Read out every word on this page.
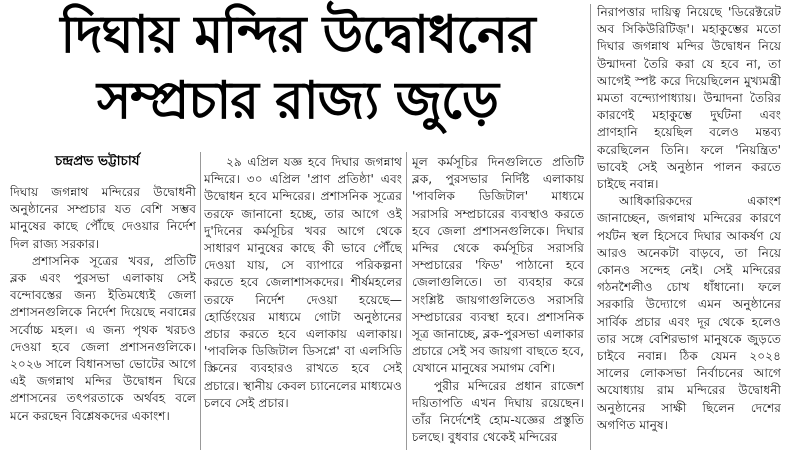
দিঘায় মন্দির উদ্বোধনের
সম্প্রচার রাজ্য জুড়ে
চন্দ্রপ্রভ ভট্টাচার্য

দিঘায় জগন্নাথ মন্দিরের উদ্বোধনী অনুষ্ঠানের সম্প্রচার যত বেশি সম্ভব মানুষের কাছে পৌঁছে দেওয়ার নির্দেশ দিল রাজ্য সরকার।

প্রশাসনিক সূত্রের খবর, প্রতিটি ব্লক এবং পুরসভা এলাকায় সেই বন্দোবস্তের জন্য ইতিমধ্যেই জেলা প্রশাসনগুলিকে নির্দেশ দিয়েছে নবান্নের সর্বোচ্চ মহল। এ জন্য পৃথক খরচও দেওয়া হবে জেলা প্রশাসনগুলিকে। ২০২৬ সালে বিধানসভা ভোটের আগে এই জগন্নাথ মন্দির উদ্বোধন ঘিরে প্রশাসনের তৎপরতাকে অর্থবহ বলে মনে করছেন বিশ্লেষকদের একাংশ।

২৯ এপ্রিল যজ্ঞ হবে দিঘার জগন্নাথ মন্দিরে। ৩০ এপ্রিল 'প্রাণ প্রতিষ্ঠা' এবং উদ্বোধন হবে মন্দিরের। প্রশাসনিক সূত্রের তরফে জানানো হচ্ছে, তার আগে ওই দু'দিনের কর্মসূচির খবর আগে থেকে সাধারণ মানুষের কাছে কী ভাবে পৌঁছে দেওয়া যায়, সে ব্যাপারে পরিকল্পনা করতে হবে জেলাশাসকদের। শীর্ষমহলের তরফে নির্দেশ দেওয়া হয়েছে— হোর্ডিংয়ের মাধ্যমে গোটা অনুষ্ঠানের প্রচার করতে হবে এলাকায় এলাকায়। 'পাবলিক ডিজিটাল ডিসপ্লে' বা এলসিডি স্ক্রিনের ব্যবহারও রাখতে হবে সেই প্রচারে। স্থানীয় কেবল চ্যানেলের মাধ্যমেও চলবে সেই প্রচার।

মূল কর্মসূচির দিনগুলিতে প্রতিটি ব্লক, পুরসভার নির্দিষ্ট এলাকায় 'পাবলিক ডিজিটাল' মাধ্যমে সরাসরি সম্প্রচারের ব্যবস্থাও করতে হবে জেলা প্রশাসনগুলিকে। দিঘার মন্দির থেকে কর্মসূচির সরাসরি সম্প্রচারের 'ফিড' পাঠানো হবে জেলাগুলিতে। তা ব্যবহার করে সংশ্লিষ্ট জায়গাগুলিতেও সরাসরি সম্প্রচারের ব্যবস্থা হবে। প্রশাসনিক সূত্র জানাচ্ছে, ব্লক-পুরসভা এলাকার প্রচারে সেই সব জায়গা বাছতে হবে, যেখানে মানুষের সমাগম বেশি।

পুরীর মন্দিরের প্রধান রাজেশ দয়িতাপতি এখন দিঘায় রয়েছেন। তাঁর নির্দেশেই হোম-যজ্ঞের প্রস্তুতি চলছে। বুধবার থেকেই মন্দিরের

নিরাপত্তার দায়িত্ব নিয়েছে 'ডিরেক্টরেট অব সিকিউরিটিজ়'। মহাকুম্ভের মতো দিঘার জগন্নাথ মন্দির উদ্বোধন নিয়ে উন্মাদনা তৈরি করা যে হবে না, তা আগেই স্পষ্ট করে দিয়েছিলেন মুখ্যমন্ত্রী মমতা বন্দ্যোপাধ্যায়। উন্মাদনা তৈরির কারণেই মহাকুম্ভে দুর্ঘটনা এবং প্রাণহানি হয়েছিল বলেও মন্তব্য করেছিলেন তিনি। ফলে 'নিয়ন্ত্রিত' ভাবেই সেই অনুষ্ঠান পালন করতে চাইছে নবান্ন।

আধিকারিকদের একাংশ জানাচ্ছেন, জগন্নাথ মন্দিরের কারণে পর্যটন স্থল হিসেবে দিঘার আকর্ষণ যে আরও অনেকটা বাড়বে, তা নিয়ে কোনও সন্দেহ নেই। সেই মন্দিরের গঠনশৈলীও চোখ ধাঁধানো। ফলে সরকারি উদ্যোগে এমন অনুষ্ঠানের সার্বিক প্রচার এবং দূর থেকে হলেও তার সঙ্গে বেশিরভাগ মানুষকে জুড়তে চাইবে নবান্ন। ঠিক যেমন ২০২৪ সালের লোকসভা নির্বাচনের আগে অযোধ্যায় রাম মন্দিরের উদ্বোধনী অনুষ্ঠানের সাক্ষী ছিলেন দেশের অগণিত মানুষ।
